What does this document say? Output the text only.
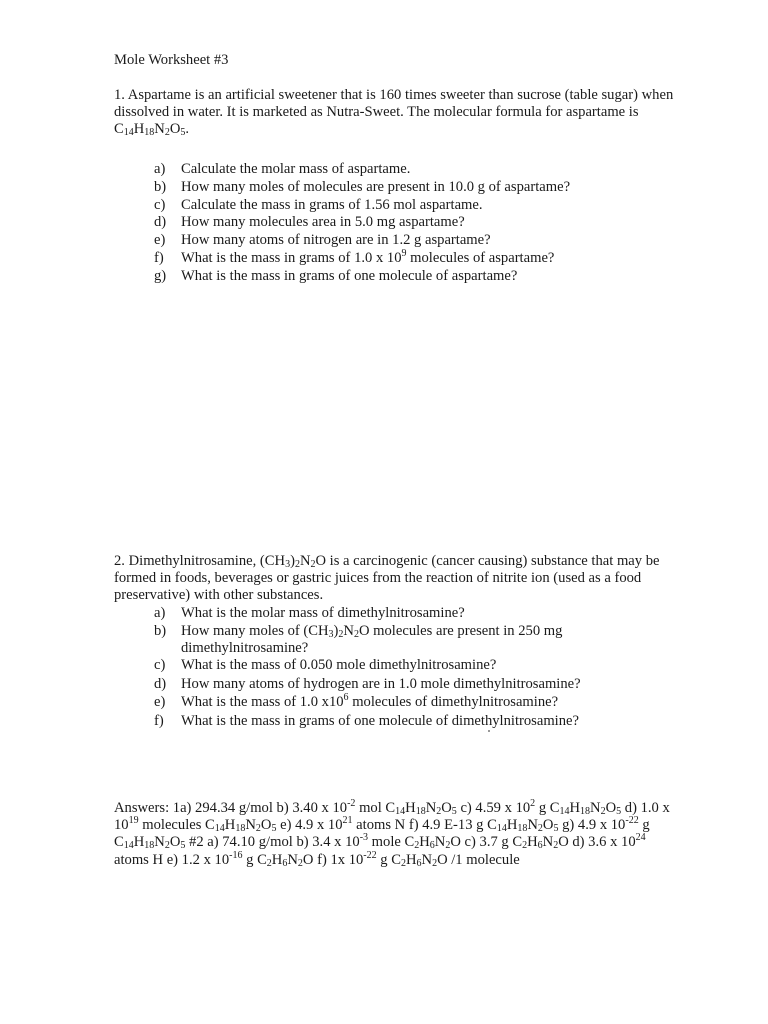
Mole Worksheet #3

1. Aspartame is an artificial sweetener that is 160 times sweeter than sucrose (table sugar) when dissolved in water. It is marketed as Nutra-Sweet. The molecular formula for aspartame is $C_{14}H_{18}N_2O_5$.

a)	Calculate the molar mass of aspartame.
b)	How many moles of molecules are present in 10.0 g of aspartame?
c)	Calculate the mass in grams of 1.56 mol aspartame.
d)	How many molecules area in 5.0 mg aspartame?
e)	How many atoms of nitrogen are in 1.2 g aspartame?
f)	What is the mass in grams of 1.0 x $10^9$ molecules of aspartame?
g)	What is the mass in grams of one molecule of aspartame?

2. Dimethylnitrosamine, $(CH_3)_2N_2O$ is a carcinogenic (cancer causing) substance that may be formed in foods, beverages or gastric juices from the reaction of nitrite ion (used as a food preservative) with other substances.

a)	What is the molar mass of dimethylnitrosamine?
b)	How many moles of $(CH_3)_2N_2O$ molecules are present in 250 mg dimethylnitrosamine?
c)	What is the mass of 0.050 mole dimethylnitrosamine?
d)	How many atoms of hydrogen are in 1.0 mole dimethylnitrosamine?
e)	What is the mass of 1.0 $x10^6$ molecules of dimethylnitrosamine?
f)	What is the mass in grams of one molecule of dimethylnitrosamine?

Answers: 1a) 294.34 g/mol b) 3.40 x $10^{-2}$ mol $C_{14}H_{18}N_2O_5$ c) 4.59 x $10^2$ g $C_{14}H_{18}N_2O_5$ d) 1.0 x $10^{19}$ molecules $C_{14}H_{18}N_2O_5$ e) 4.9 x $10^{21}$ atoms N f) 4.9 E-13 g $C_{14}H_{18}N_2O_5$ g) 4.9 x $10^{-22}$ g $C_{14}H_{18}N_2O_5$ #2 a) 74.10 g/mol b) 3.4 x $10^{-3}$ mole $C_2H_6N_2O$ c) 3.7 g $C_2H_6N_2O$ d) 3.6 x $10^{24}$ atoms H e) 1.2 x $10^{-16}$ g $C_2H_6N_2O$ f) 1x $10^{-22}$ g $C_2H_6N_2O$ /1 molecule
